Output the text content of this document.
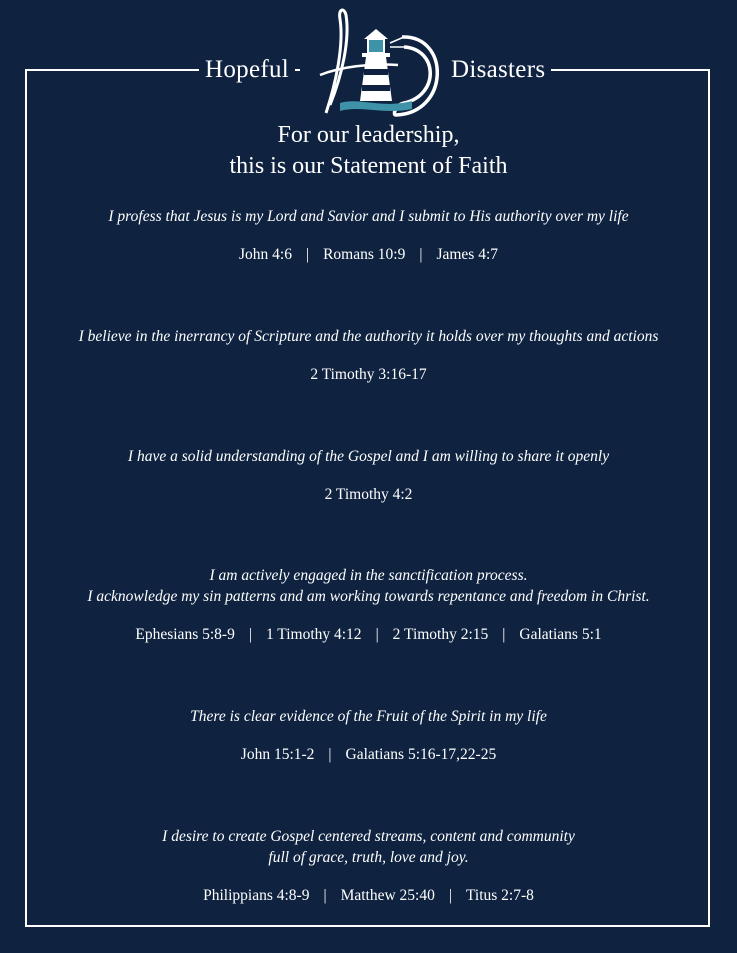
Hopeful	Disasters
For our leadership,
this is our Statement of Faith

I profess that Jesus is my Lord and Savior and I submit to His authority over my life

John 4:6 | Romans 10:9 | James 4:7

I believe in the inerrancy of Scripture and the authority it holds over my thoughts and actions

2 Timothy 3:16-17

I have a solid understanding of the Gospel and I am willing to share it openly

2 Timothy 4:2

I am actively engaged in the sanctification process.
I acknowledge my sin patterns and am working towards repentance and freedom in Christ.

Ephesians 5:8-9 | 1 Timothy 4:12 | 2 Timothy 2:15 | Galatians 5:1

There is clear evidence of the Fruit of the Spirit in my life

John 15:1-2 | Galatians 5:16-17,22-25

I desire to create Gospel centered streams, content and community
full of grace, truth, love and joy.

Philippians 4:8-9 | Matthew 25:40 | Titus 2:7-8
